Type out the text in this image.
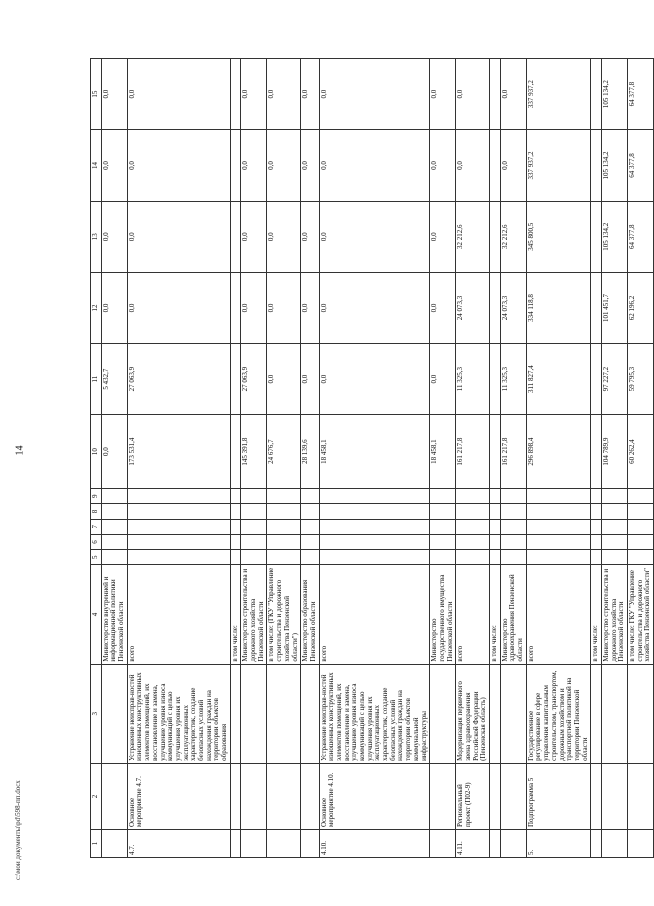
14
1	2	3	4	5	6	7	8	9	10	11	12	13	14	15
			Министерство внутренней и информационной политики Пензенской области						0,0	5 432,7	0,0	0,0	0,0	0,0
4.7.	Основное мероприятие 4.7.	Устранение неисправ-ностей изношенных конструктивных элементов помещений, их восстановление и замена, улучшение уровня износа коммуникаций с целью улучшения уровня их эксплуатационных характеристик, создание безопасных условий нахождения граждан на территории объектов образования	всего						173 531,4	27 063,9	0,0	0,0	0,0	0,0
			в том числе:											
			Министерство строительства и дорожного хозяйства Пензенской области						145 391,8	27 063,9	0,0	0,0	0,0	0,0
			в том числе: (ГКУ "Управление строительства и дорожного хозяйства Пензенской области")						24 676,7	0,0	0,0	0,0	0,0	0,0
			Министерство образования Пензенской области						28 139,6	0,0	0,0	0,0	0,0	0,0
4.10.	Основное мероприятие 4.10.	Устранение неисправ-ностей изношенных конструктивных элементов помещений, их восстановление и замена, улучшение уровня износа коммуникаций с целью улучшения уровня их эксплуатационных характеристик, создание безопасных условий нахождения граждан на территории объектов коммунальной инфраструктуры	всего						18 458,1	0,0	0,0	0,0	0,0	0,0
			Министерство государственного имущества Пензенской области						18 458,1	0,0	0,0	0,0	0,0	0,0
4.11.	Региональный проект (П02-9)	Модернизация первичного звена здравоохранения Российской Федерации (Пензенская область)	всего						161 217,8	11 325,3	24 073,3	32 212,6	0,0	0,0
			в том числе:											
			Министерство здравоохранения Пензенской области						161 217,8	11 325,3	24 073,3	32 212,6	0,0	0,0
5.	Подпрограмма 5	Государственное регулирование в сфере управления капитальным строительством, транспортом, дорожным хозяйством и транспортной политикой на территории Пензенской области	всего						296 898,4	311 827,4	334 118,8	345 800,5	337 937,2	337 937,2
			в том числе:											
			Министерство строительства и дорожного хозяйства Пензенской области						104 789,9	97 227,2	101 451,7	105 134,2	105 134,2	105 134,2
			в том числе: ГКУ "Управление строительства и дорожного хозяйства Пензенской области"						60 262,4	59 795,3	62 196,2	64 377,8	64 377,8	64 377,8
c:\мои документы\pd\598-пп.docx
